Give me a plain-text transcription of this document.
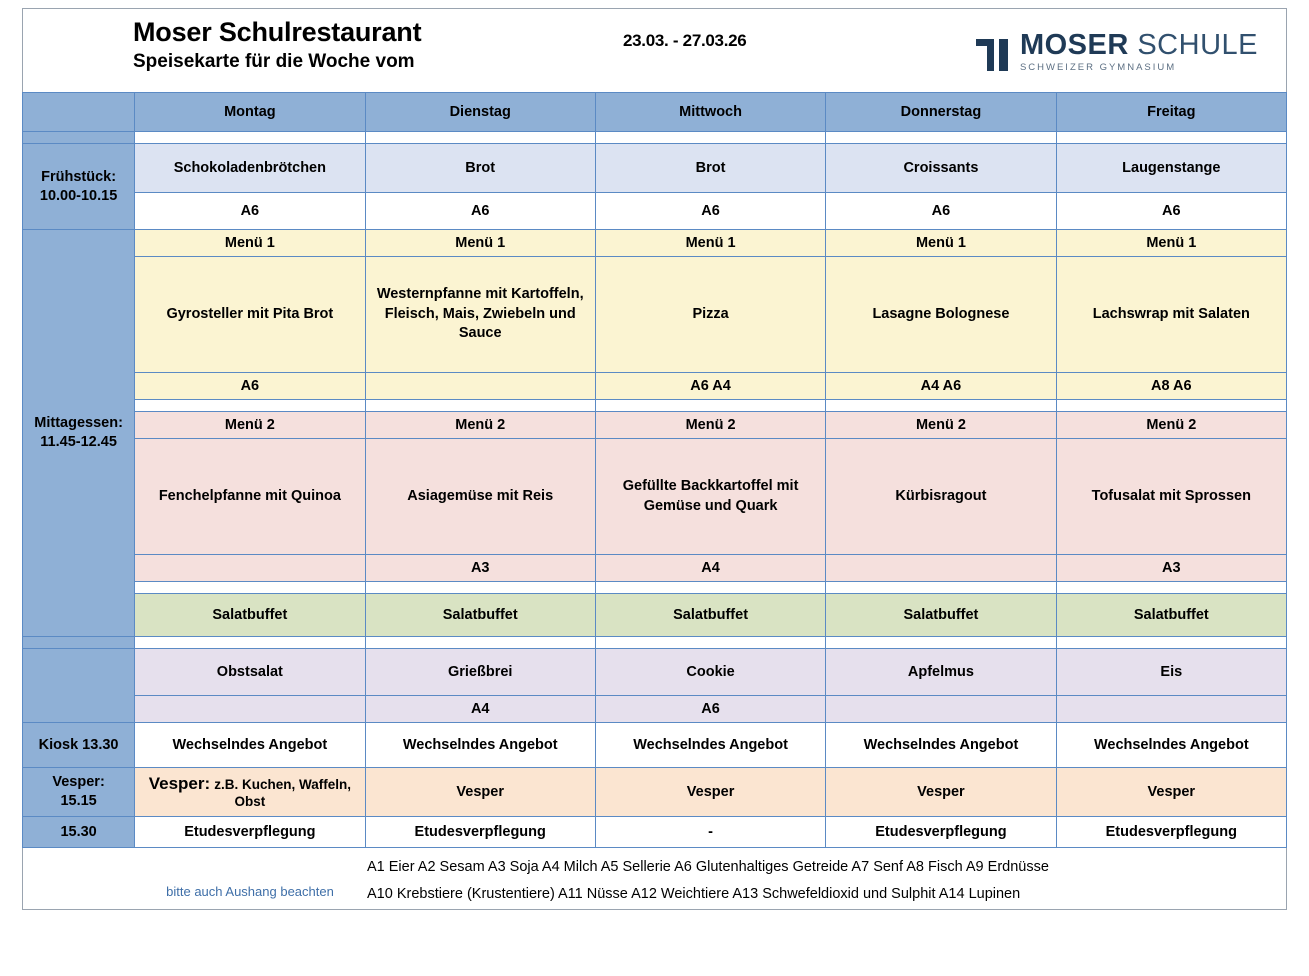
Moser Schulrestaurant
Speisekarte für die Woche vom
23.03. - 27.03.26	MOSER SCHULE
SCHWEIZER GYMNASIUM
	Montag	Dienstag	Mittwoch	Donnerstag	Freitag

Frühstück:
10.00-10.15	Schokoladenbrötchen	Brot	Brot	Croissants	Laugenstange
	A6	A6	A6	A6	A6

Mittagessen:
11.45-12.45	Menü 1	Menü 1	Menü 1	Menü 1	Menü 1
	Gyrosteller mit Pita Brot	Westernpfanne mit Kartoffeln, Fleisch, Mais, Zwiebeln und Sauce	Pizza	Lasagne Bolognese	Lachswrap mit Salaten
	A6		A6 A4	A4 A6	A8 A6

	Menü 2	Menü 2	Menü 2	Menü 2	Menü 2
	Fenchelpfanne mit Quinoa	Asiagemüse mit Reis	Gefüllte Backkartoffel mit Gemüse und Quark	Kürbisragout	Tofusalat mit Sprossen
		A3	A4		A3

	Salatbuffet	Salatbuffet	Salatbuffet	Salatbuffet	Salatbuffet

	Obstsalat	Grießbrei	Cookie	Apfelmus	Eis
		A4	A6		
Kiosk 13.30	Wechselndes Angebot	Wechselndes Angebot	Wechselndes Angebot	Wechselndes Angebot	Wechselndes Angebot

Vesper:
15.15	Vesper: z.B. Kuchen, Waffeln, Obst	Vesper	Vesper	Vesper	Vesper
15.30	Etudesverpflegung	Etudesverpflegung	-	Etudesverpflegung	Etudesverpflegung
bitte auch Aushang beachten
A1 Eier A2 Sesam A3 Soja A4 Milch A5 Sellerie A6 Glutenhaltiges Getreide A7 Senf A8 Fisch A9 Erdnüsse
A10 Krebstiere (Krustentiere) A11 Nüsse A12 Weichtiere A13 Schwefeldioxid und Sulphit A14 Lupinen
